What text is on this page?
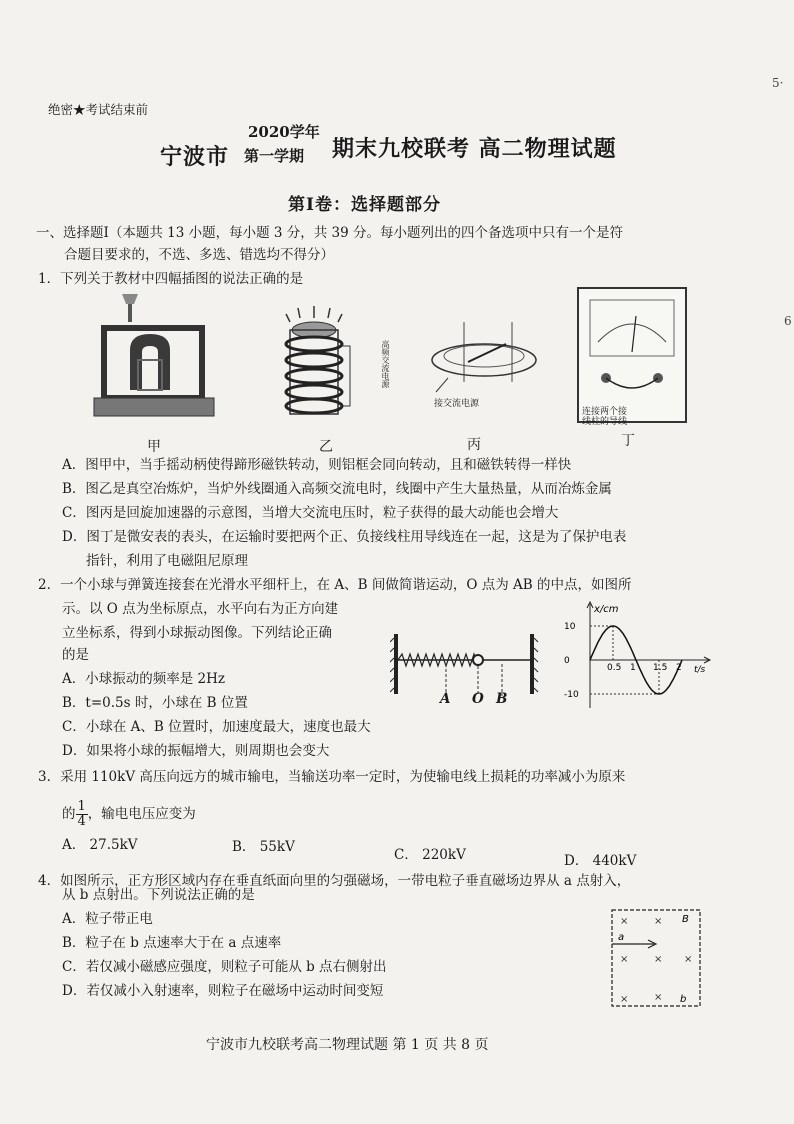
5·
6
绝密★考试结束前
宁波市
2020学年
第一学期 期末九校联考 高二物理试题
第Ⅰ卷：选择题部分
一、选择题Ⅰ（本题共 13 小题，每小题 3 分，共 39 分。每小题列出的四个备选项中只有一个是符
合题目要求的，不选、多选、错选均不得分）
1．下列关于教材中四幅插图的说法正确的是
甲
高频交流电源
乙
接交流电源
丙
连接两个接
线柱的导线
丁
A．图甲中，当手摇动柄使得蹄形磁铁转动，则铝框会同向转动，且和磁铁转得一样快
B．图乙是真空冶炼炉，当炉外线圈通入高频交流电时，线圈中产生大量热量，从而冶炼金属
C．图丙是回旋加速器的示意图，当增大交流电压时，粒子获得的最大动能也会增大
D．图丁是微安表的表头，在运输时要把两个正、负接线柱用导线连在一起，这是为了保护电表
指针，利用了电磁阻尼原理
2．一个小球与弹簧连接套在光滑水平细杆上，在 A、B 间做简谐运动，O 点为 AB 的中点，如图所
示。以 O 点为坐标原点，水平向右为正方向建
立坐标系，得到小球振动图像。下列结论正确
的是
A O B
0.5 1 1.5 2
10
0
-10
x/cm
t/s
A．小球振动的频率是 2Hz
B．t=0.5s 时，小球在 B 位置
C．小球在 A、B 位置时，加速度最大，速度也最大
D．如果将小球的振幅增大，则周期也会变大
3．采用 110kV 高压向远方的城市输电，当输送功率一定时，为使输电线上损耗的功率减小为原来
的 $\frac{1}{4}$ ，输电电压应变为
A． 27.5kV	B． 55kV	C． 220kV	D． 440kV
4．如图所示，正方形区域内存在垂直纸面向里的匀强磁场，一带电粒子垂直磁场边界从 a 点射入，
从 b 点射出。下列说法正确的是
×	×
×	× ×
×	×
a
b
B
A．粒子带正电
B．粒子在 b 点速率大于在 a 点速率
C．若仅减小磁感应强度，则粒子可能从 b 点右侧射出
D．若仅减小入射速率，则粒子在磁场中运动时间变短
宁波市九校联考高二物理试题 第 1 页 共 8 页
